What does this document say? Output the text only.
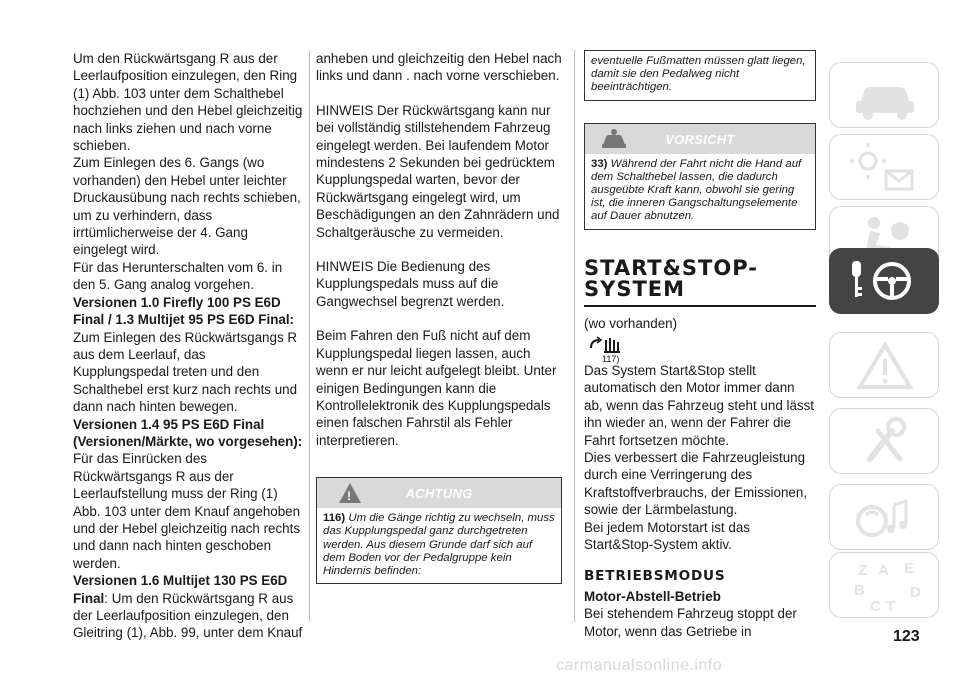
Um den Rückwärtsgang R aus der Leerlaufposition einzulegen, den Ring (1) Abb. 103 unter dem Schalthebel hochziehen und den Hebel gleichzeitig nach links ziehen und nach vorne schieben.

Zum Einlegen des 6. Gangs (wo vorhanden) den Hebel unter leichter Druckausübung nach rechts schieben, um zu verhindern, dass irrtümlicherweise der 4. Gang eingelegt wird.

Für das Herunterschalten vom 6. in den 5. Gang analog vorgehen.

Versionen 1.0 Firefly 100 PS E6D Final / 1.3 Multijet 95 PS E6D Final:

Zum Einlegen des Rückwärtsgangs R aus dem Leerlauf, das Kupplungspedal treten und den Schalthebel erst kurz nach rechts und dann nach hinten bewegen.

Versionen 1.4 95 PS E6D Final (Versionen/Märkte, wo vorgesehen): Für das Einrücken des Rückwärtsgangs R aus der Leerlaufstellung muss der Ring (1) Abb. 103 unter dem Knauf angehoben und der Hebel gleichzeitig nach rechts und dann nach hinten geschoben werden.

Versionen 1.6 Multijet 130 PS E6D Final: Um den Rückwärtsgang R aus der Leerlaufposition einzulegen, den Gleitring (1), Abb. 99, unter dem Knauf

anheben und gleichzeitig den Hebel nach links und dann . nach vorne verschieben.

HINWEIS Der Rückwärtsgang kann nur bei vollständig stillstehendem Fahrzeug eingelegt werden. Bei laufendem Motor mindestens 2 Sekunden bei gedrücktem Kupplungspedal warten, bevor der Rückwärtsgang eingelegt wird, um Beschädigungen an den Zahnrädern und Schaltgeräusche zu vermeiden.

HINWEIS Die Bedienung des Kupplungspedals muss auf die Gangwechsel begrenzt werden.

Beim Fahren den Fuß nicht auf dem Kupplungspedal liegen lassen, auch wenn er nur leicht aufgelegt bleibt. Unter einigen Bedingungen kann die Kontrollelektronik des Kupplungspedals einen falschen Fahrstil als Fehler interpretieren.

!	ACHTUNG
116) Um die Gänge richtig zu wechseln, muss das Kupplungspedal ganz durchgetreten werden. Aus diesem Grunde darf sich auf dem Boden vor der Pedalgruppe kein Hindernis befinden:
eventuelle Fußmatten müssen glatt liegen, damit sie den Pedalweg nicht beeinträchtigen.
VORSICHT
33) Während der Fahrt nicht die Hand auf dem Schalthebel lassen, die dadurch ausgeübte Kraft kann, obwohl sie gering ist, die inneren Gangschaltungselemente auf Dauer abnutzen.
START&STOP-SYSTEM

(wo vorhanden)

117)

Das System Start&Stop stellt automatisch den Motor immer dann ab, wenn das Fahrzeug steht und lässt ihn wieder an, wenn der Fahrer die Fahrt fortsetzen möchte.

Dies verbessert die Fahrzeugleistung durch eine Verringerung des Kraftstoffverbrauchs, der Emissionen, sowie der Lärmbelastung.

Bei jedem Motorstart ist das Start&Stop-System aktiv.

BETRIEBSMODUS

Motor-Abstell-Betrieb

Bei stehendem Fahrzeug stoppt der Motor, wenn das Getriebe in

Z A E
B
C T
D
123
carmanualsonline.info
